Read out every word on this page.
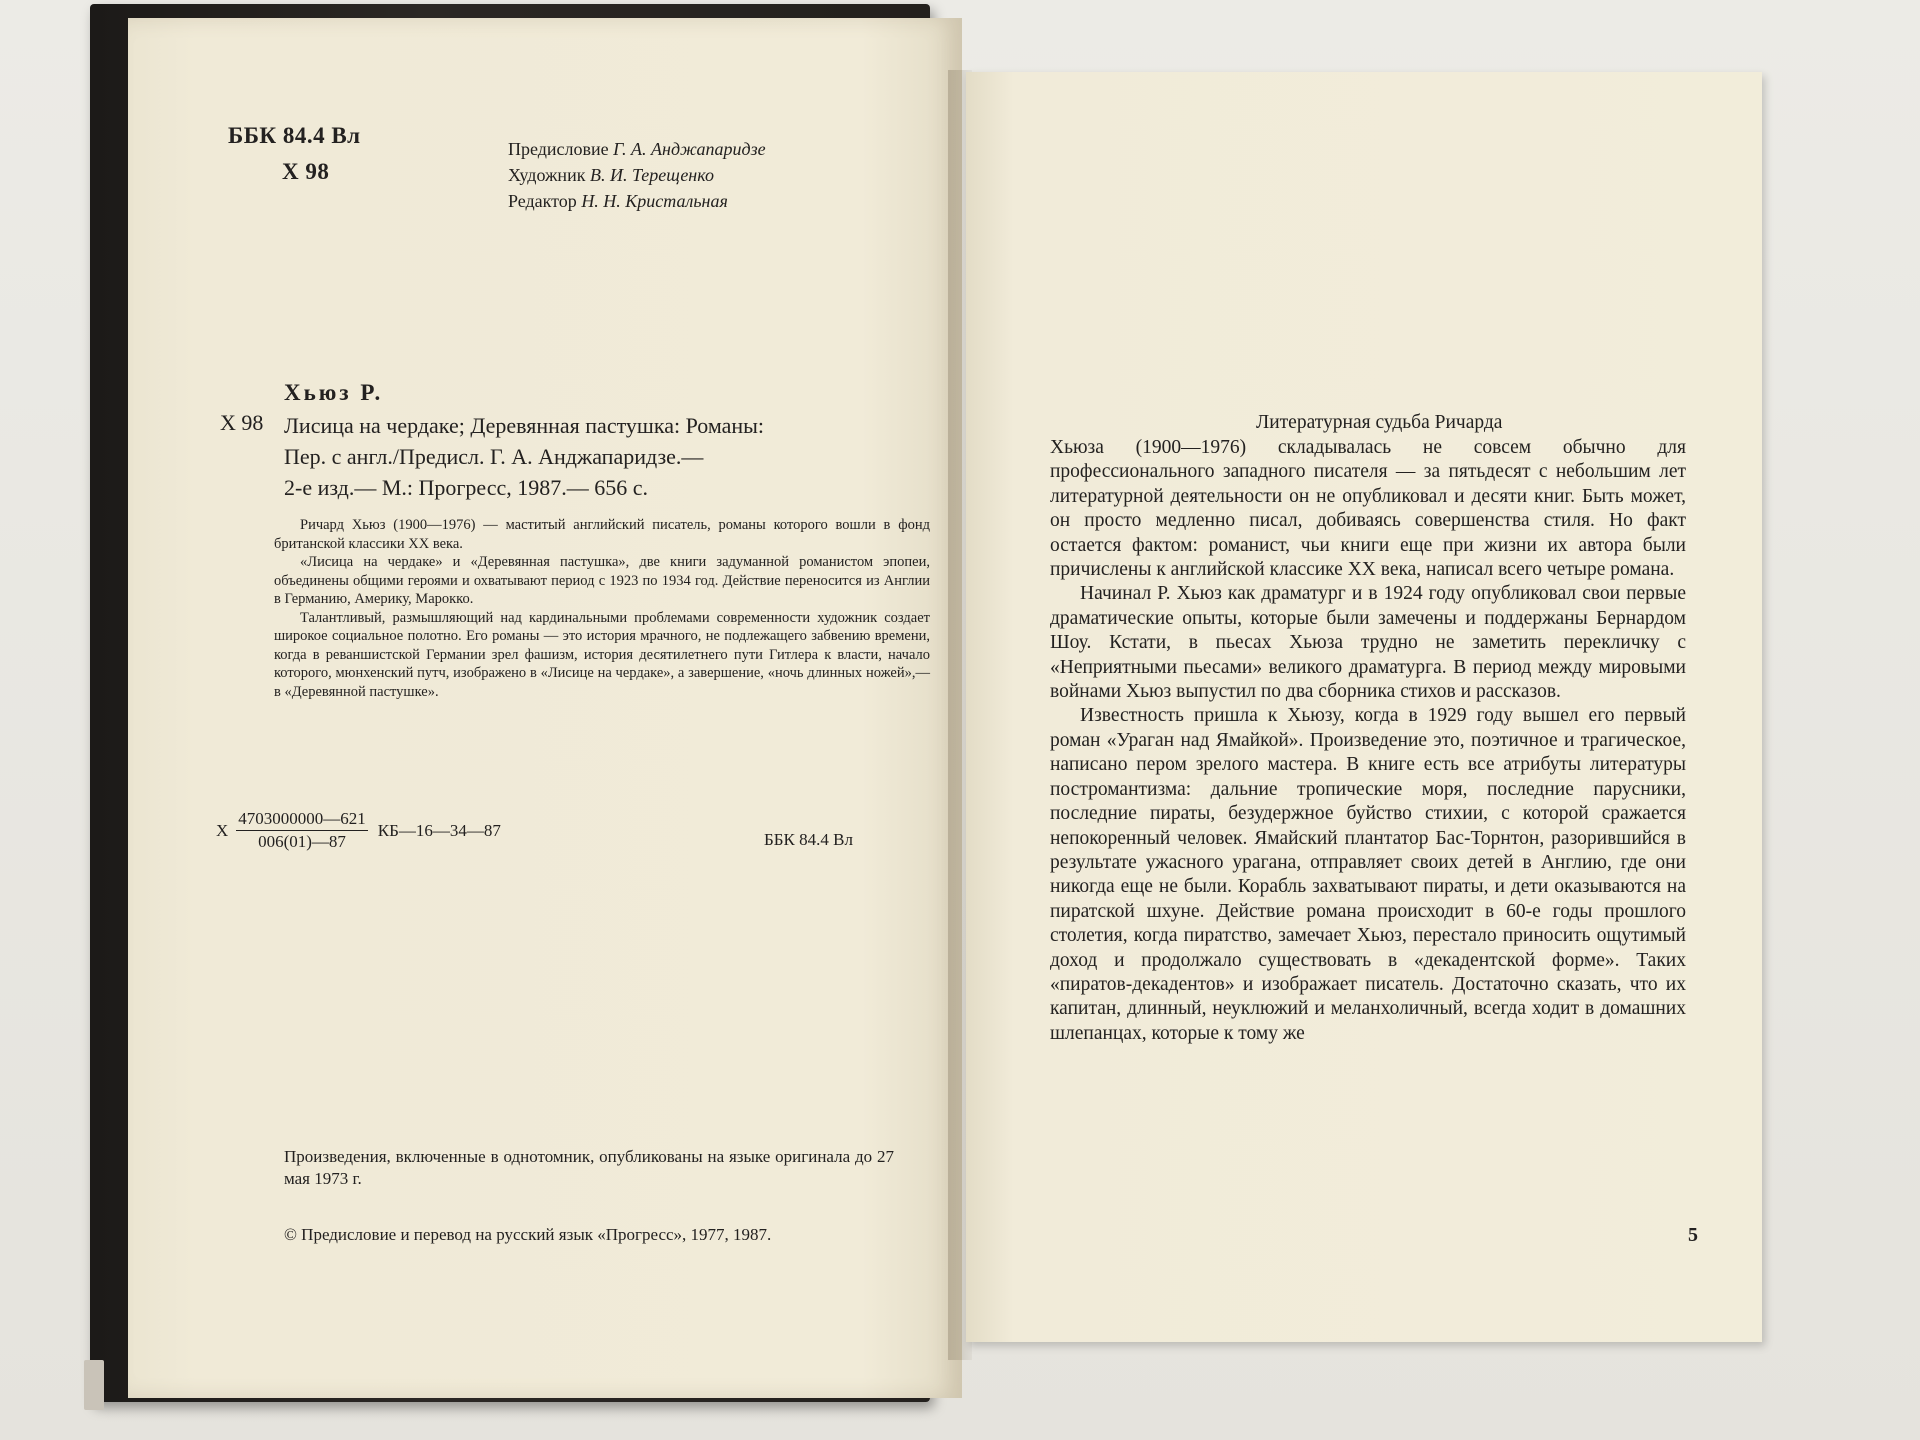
ББК 84.4 Вл
Х 98
Предисловие Г. А. Анджапаридзе
Художник В. И. Терещенко
Редактор Н. Н. Кристальная
Хьюз Р.
Х 98 Лисица на чердаке; Деревянная пастушка: Романы:
Пер. с англ./Предисл. Г. А. Анджапаридзе.—
2-е изд.— М.: Прогресс, 1987.— 656 с.

Ричард Хьюз (1900—1976) — маститый английский писатель, романы которого вошли в фонд британской классики XX века.

«Лисица на чердаке» и «Деревянная пастушка», две книги задуманной романистом эпопеи, объединены общими героями и охватывают период с 1923 по 1934 год. Действие переносится из Англии в Германию, Америку, Марокко.

Талантливый, размышляющий над кардинальными проблемами современности художник создает широкое социальное полотно. Его романы — это история мрачного, не подлежащего забвению времени, когда в реваншистской Германии зрел фашизм, история десятилетнего пути Гитлера к власти, начало которого, мюнхенский путч, изображено в «Лисице на чердаке», а завершение, «ночь длинных ножей»,— в «Деревянной пастушке».

Х $\frac{4703000000—621}{006(01)—87}$ КБ—16—34—87	ББК 84.4 Вл
Произведения, включенные в однотомник, опубликованы на языке оригинала до 27 мая 1973 г.
© Предисловие и перевод на русский язык «Прогресс», 1977, 1987.
Литературная судьба Ричарда

Хьюза (1900—1976) складывалась не совсем обычно для профессионального западного писателя — за пятьдесят с небольшим лет литературной деятельности он не опубликовал и десяти книг. Быть может, он просто медленно писал, добиваясь совершенства стиля. Но факт остается фактом: романист, чьи книги еще при жизни их автора были причислены к английской классике XX века, написал всего четыре романа.

Начинал Р. Хьюз как драматург и в 1924 году опубликовал свои первые драматические опыты, которые были замечены и поддержаны Бернардом Шоу. Кстати, в пьесах Хьюза трудно не заметить перекличку с «Неприятными пьесами» великого драматурга. В период между мировыми войнами Хьюз выпустил по два сборника стихов и рассказов.

Известность пришла к Хьюзу, когда в 1929 году вышел его первый роман «Ураган над Ямайкой». Произведение это, поэтичное и трагическое, написано пером зрелого мастера. В книге есть все атрибуты литературы постромантизма: дальние тропические моря, последние парусники, последние пираты, безудержное буйство стихии, с которой сражается непокоренный человек. Ямайский плантатор Бас-Торнтон, разорившийся в результате ужасного урагана, отправляет своих детей в Англию, где они никогда еще не были. Корабль захватывают пираты, и дети оказываются на пиратской шхуне. Действие романа происходит в 60-е годы прошлого столетия, когда пиратство, замечает Хьюз, перестало приносить ощутимый доход и продолжало существовать в «декадентской форме». Таких «пиратов-декадентов» и изображает писатель. Достаточно сказать, что их капитан, длинный, неуклюжий и меланхоличный, всегда ходит в домашних шлепанцах, которые к тому же

5
